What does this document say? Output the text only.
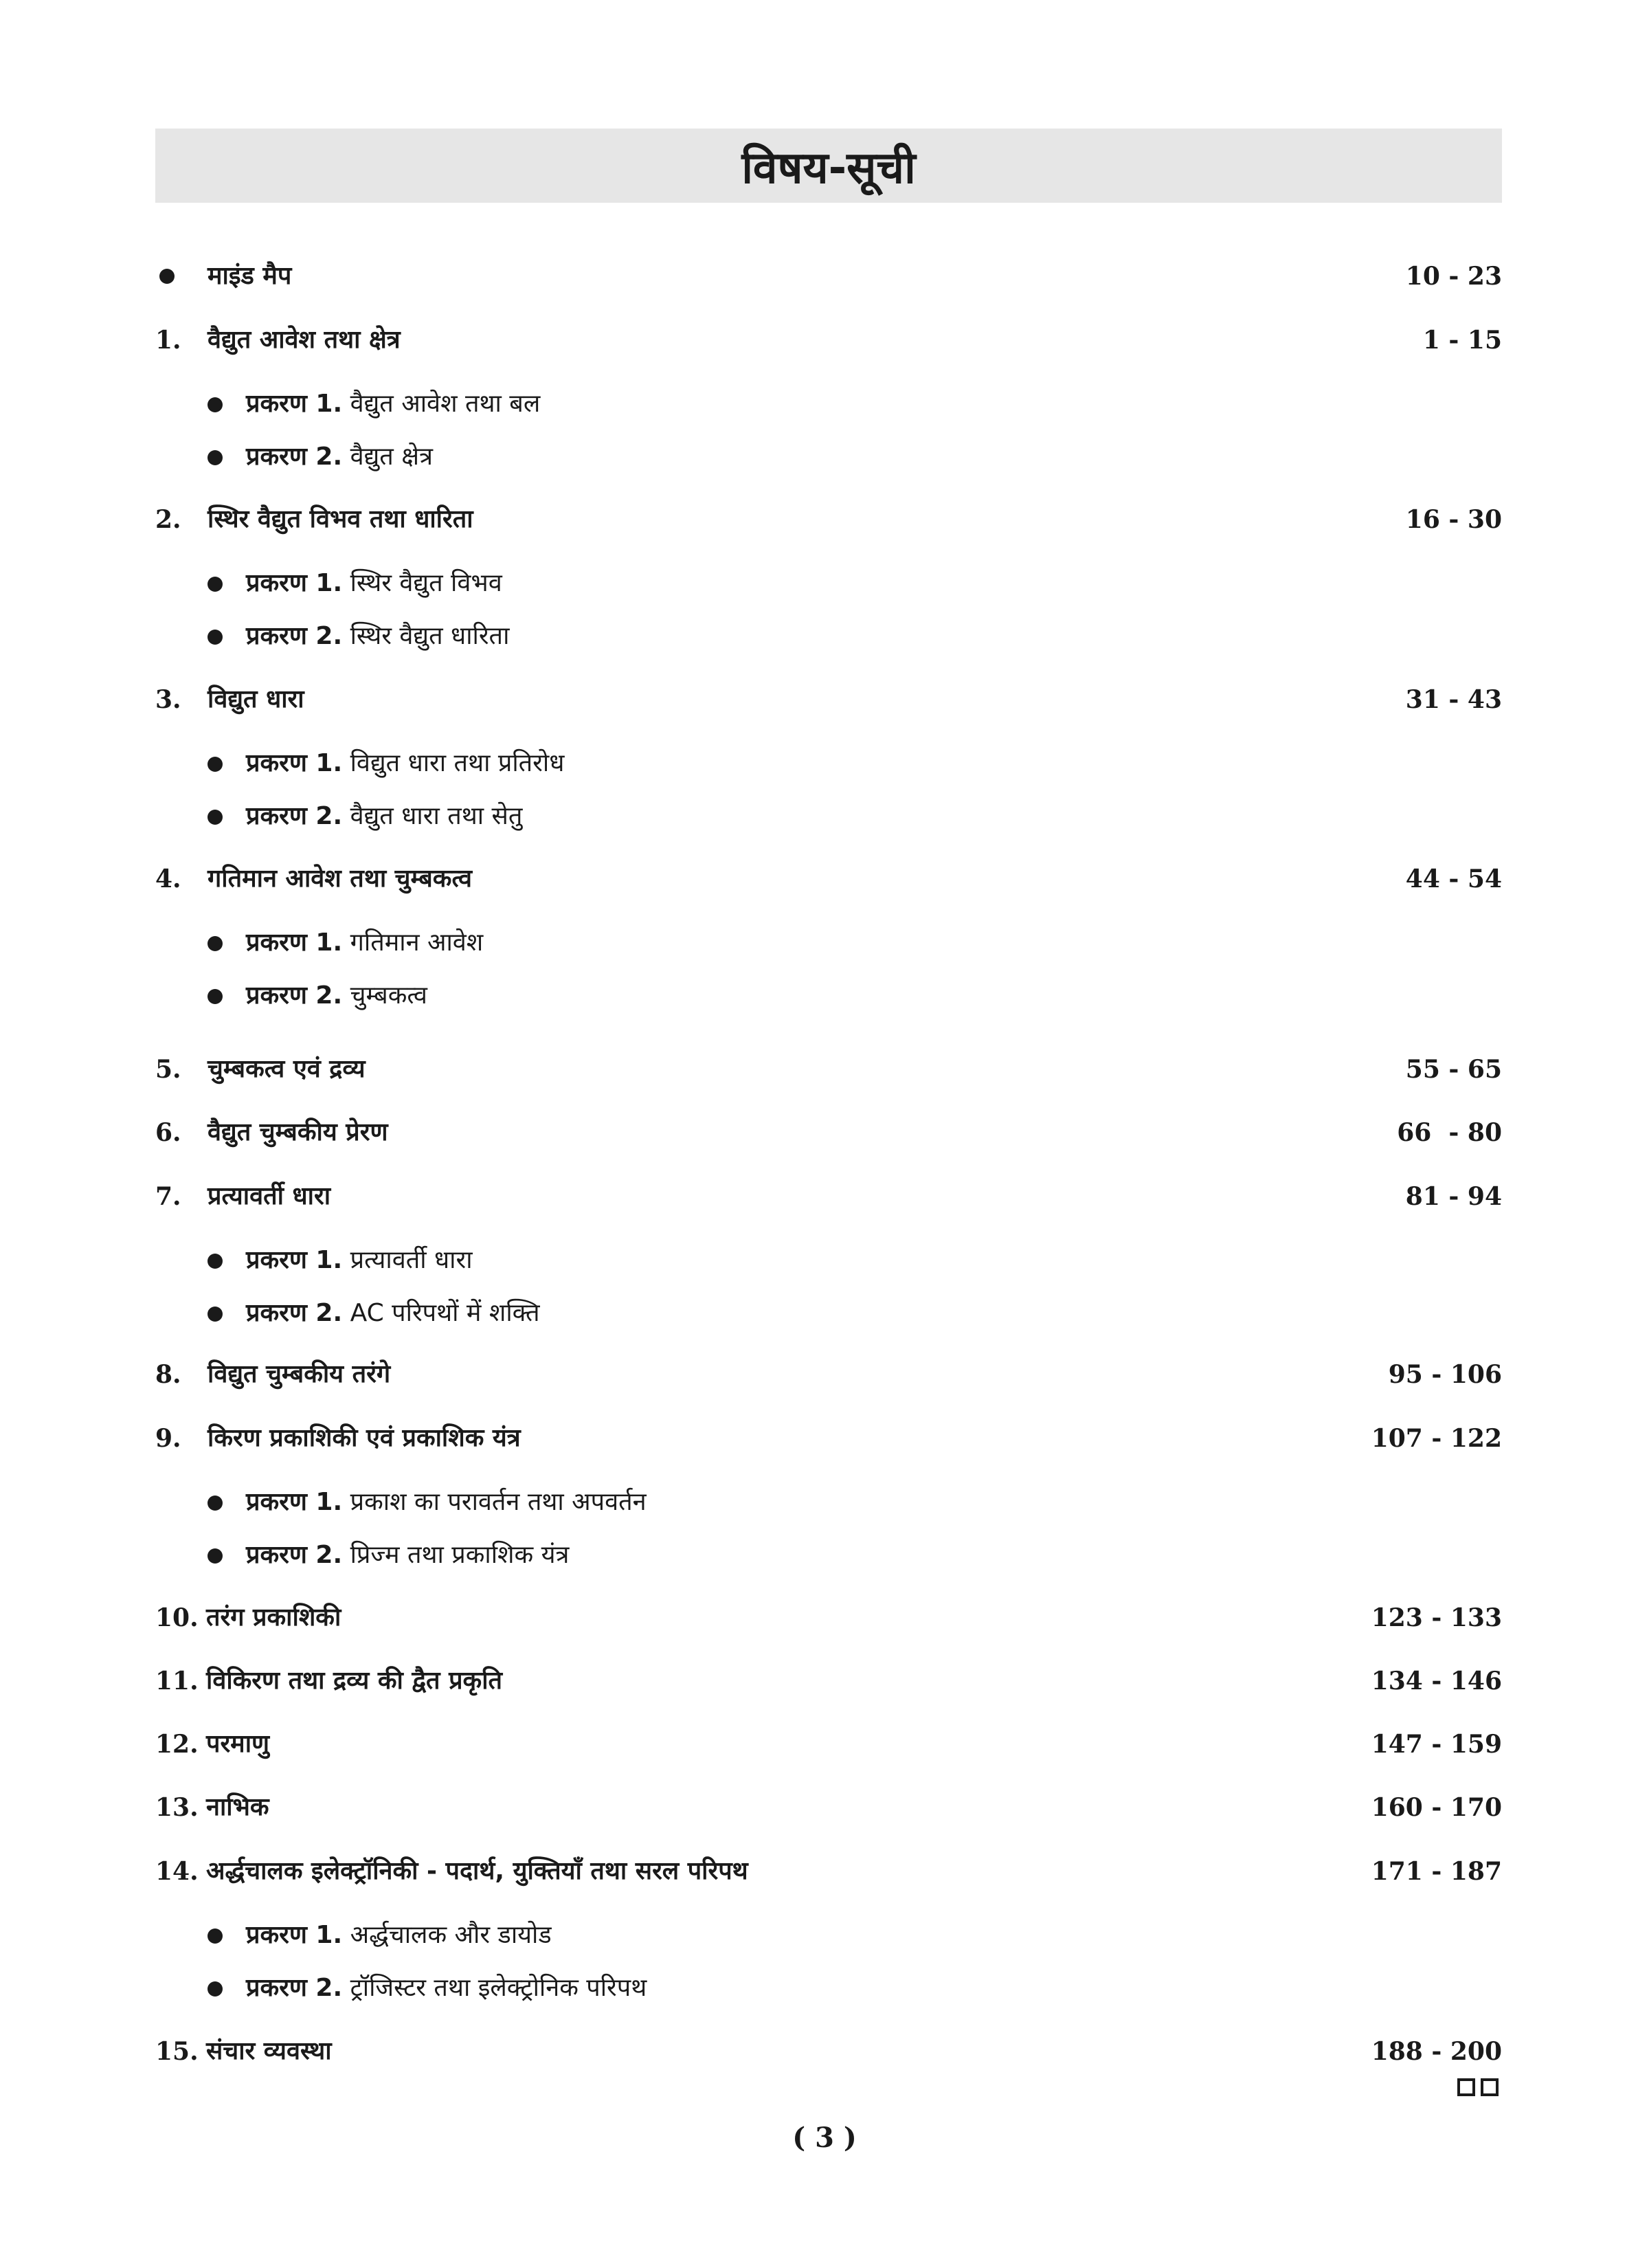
विषय-सूची
माइंड मैप	10 - 23
1. वैद्युत आवेश तथा क्षेत्र	1 - 15
प्रकरण 1. वैद्युत आवेश तथा बल
प्रकरण 2. वैद्युत क्षेत्र
2. स्थिर वैद्युत विभव तथा धारिता	16 - 30
प्रकरण 1. स्थिर वैद्युत विभव
प्रकरण 2. स्थिर वैद्युत धारिता
3. विद्युत धारा	31 - 43
प्रकरण 1. विद्युत धारा तथा प्रतिरोध
प्रकरण 2. वैद्युत धारा तथा सेतु
4. गतिमान आवेश तथा चुम्बकत्व	44 - 54
प्रकरण 1. गतिमान आवेश
प्रकरण 2. चुम्बकत्व
5. चुम्बकत्व एवं द्रव्य	55 - 65
6. वैद्युत चुम्बकीय प्रेरण	66  - 80
7. प्रत्यावर्ती धारा	81 - 94
प्रकरण 1. प्रत्यावर्ती धारा
प्रकरण 2. AC परिपथों में शक्ति
8. विद्युत चुम्बकीय तरंगे	95 - 106
9. किरण प्रकाशिकी एवं प्रकाशिक यंत्र	107 - 122
प्रकरण 1. प्रकाश का परावर्तन तथा अपवर्तन
प्रकरण 2. प्रिज्म तथा प्रकाशिक यंत्र
10. तरंग प्रकाशिकी	123 - 133
11. विकिरण तथा द्रव्य की द्वैत प्रकृति	134 - 146
12. परमाणु	147 - 159
13. नाभिक	160 - 170
14. अर्द्धचालक इलेक्ट्रॉनिकी - पदार्थ, युक्तियाँ तथा सरल परिपथ	171 - 187
प्रकरण 1. अर्द्धचालक और डायोड
प्रकरण 2. ट्रॉजिस्टर तथा इलेक्ट्रोनिक परिपथ
15. संचार व्यवस्था	188 - 200
( 3 )
